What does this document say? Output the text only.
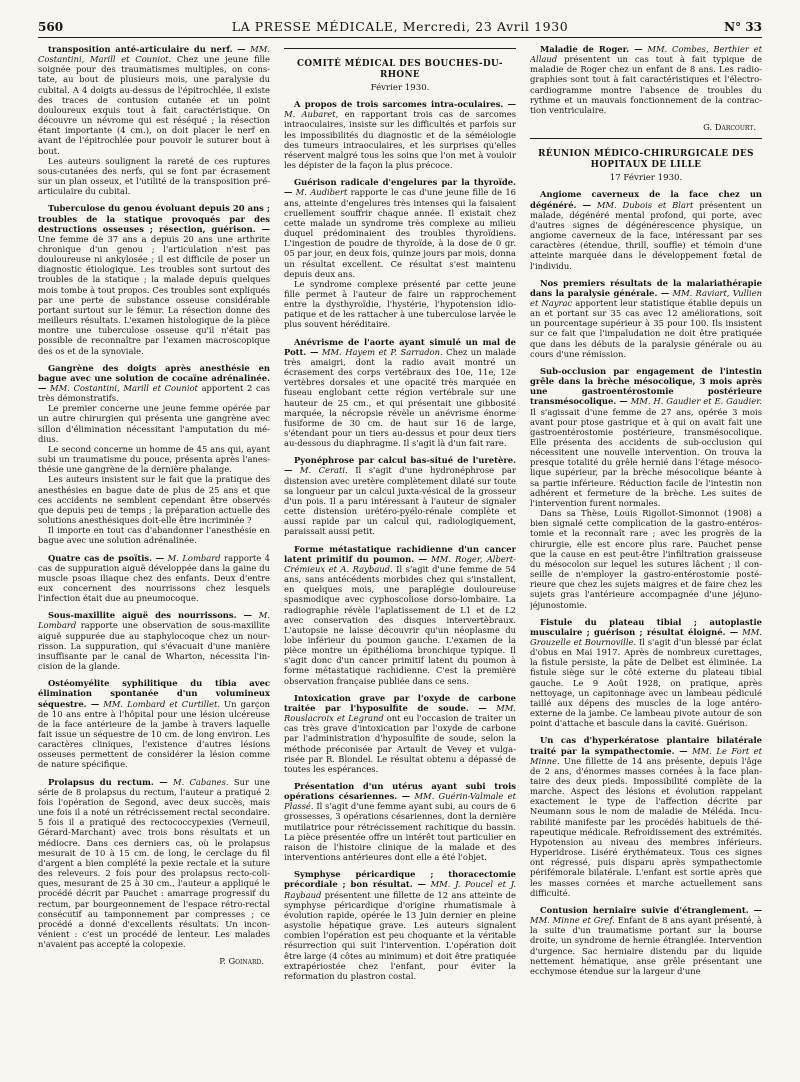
560	LA PRESSE MÉDICALE, Mercredi, 23 Avril 1930	N° 33

transposition anté-articulaire du nerf. — MM. Costantini, Marill et Couniot. Chez une jeune fille soignée pour des traumatismes multiples, on constate, au bout de plusieurs mois, une paralysie du cubital. A 4 doigts au-dessus de l'épitrochlée, il existe des traces de contusion cutanée et un point douloureux exquis tout à fait caractéristique. On découvre un névrome qui est réséqué ; la résection étant importante (4 cm.), on doit placer le nerf en avant de l'épitrochlée pour pouvoir le suturer bout à bout.

Les auteurs soulignent la rareté de ces ruptures sous-cutanées des nerfs, qui se font par écrasement sur un plan osseux, et l'utilité de la transposition pré-articulaire du cubital.

Tuberculose du genou évoluant depuis 20 ans ; troubles de la statique provoqués par des destructions osseuses ; résection, guérison. — Une femme de 37 ans a depuis 20 ans une arthrite chronique d'un genou ; l'articulation n'est pas douloureuse ni ankylosée ; il est difficile de poser un diagnostic étiologique. Les troubles sont surtout des troubles de la statique ; la malade depuis quelques mois tombe à tout propos. Ces troubles sont expliqués par une perte de substance osseuse considérable portant surtout sur le fémur. La résection donne des meilleurs résultats. L'examen histologique de la pièce montre une tuberculose osseuse qu'il n'était pas possible de reconnaître par l'examen macroscopique des os et de la synoviale.

Gangrène des doigts après anesthésie en bague avec une solution de cocaïne adrénalinée. — MM. Costantini, Marill et Couniot apportent 2 cas très démonstratifs.

Le premier concerne une jeune femme opérée par un autre chirurgien qui présenta une gangrène avec sillon d'élimination nécessitant l'amputation du médius.

Le second concerne un homme de 45 ans qui, ayant subi un traumatisme du pouce, présenta après l'anesthésie une gangrène de la dernière phalange.

Les auteurs insistent sur le fait que la pratique des anesthésies en bague date de plus de 25 ans et que ces accidents ne semblent cependant être observés que depuis peu de temps ; la préparation actuelle des solutions anesthésiques doit-elle être incriminée ?

Il importe en tout cas d'abandonner l'anesthésie en bague avec une solution adrénalinée.

Quatre cas de psoïtis. — M. Lombard rapporte 4 cas de suppuration aiguë développée dans la gaine du muscle psoas iliaque chez des enfants. Deux d'entre eux concernent des nourrissons chez lesquels l'infection était due au pneumocoque.

Sous-maxillite aiguë des nourrissons. — M. Lombard rapporte une observation de sous-maxillite aiguë suppurée due au staphylocoque chez un nourrisson. La suppuration, qui s'évacuait d'une manière insuffisante par le canal de Wharton, nécessita l'incision de la glande.

Ostéomyélite syphilitique du tibia avec élimination spontanée d'un volumineux séquestre. — MM. Lombard et Curtillet. Un garçon de 10 ans entre à l'hôpital pour une lésion ulcéreuse de la face antérieure de la jambe à travers laquelle fait issue un séquestre de 10 cm. de long environ. Les caractères cliniques, l'existence d'autres lésions osseuses permettent de considérer la lésion comme de nature spécifique.

Prolapsus du rectum. — M. Cabanes. Sur une série de 8 prolapsus du rectum, l'auteur a pratiqué 2 fois l'opération de Segond, avec deux succès, mais une fois il a noté un rétrécissement rectal secondaire. 5 fois il a pratiqué des rectococcypexies (Verneuil, Gérard-Marchant) avec trois bons résultats et un médiocre. Dans ces derniers cas, où le prolapsus mesurait de 10 à 15 cm. de long, le cerclage du fil d'argent a bien complété la pexie rectale et la suture des releveurs. 2 fois pour des prolapsus recto-coliques, mesurant de 25 à 30 cm., l'auteur a appliqué le procédé décrit par Pauchet : amarrage progressif du rectum, par bourgeonnement de l'espace rétro-rectal consécutif au tamponnement par compresses ; ce procédé a donné d'excellents résultats. Un inconvénient : c'est un procédé de lenteur. Les malades n'avaient pas accepté la colopexie.

P. Goinard.
COMITÉ MÉDICAL DES BOUCHES-DU-RHONE
Février 1930.

A propos de trois sarcomes intra-oculaires. — M. Aubaret, en rapportant trois cas de sarcomes intraoculaires, insiste sur les difficultés et parfois sur les impossibilités du diagnostic et de la séméiologie des tumeurs intraoculaires, et les surprises qu'elles réservent malgré tous les soins que l'on met à vouloir les dépister de la façon la plus précoce.

Guérison radicale d'engelures par la thyroïde. — M. Audibert rapporte le cas d'une jeune fille de 16 ans, atteinte d'engelures très intenses qui la faisaient cruellement souffrir chaque année. Il existait chez cette malade un syndrome très complexe au milieu duquel prédominaient des troubles thyroïdiens. L'ingestion de poudre de thyroïde, à la dose de 0 gr. 05 par jour, en deux fois, quinze jours par mois, donna un résultat excellent. Ce résultat s'est maintenu depuis deux ans.

Le syndrome complexe présenté par cette jeune fille permet à l'auteur de faire un rapprochement entre la dysthyroïdie, l'hystérie, l'hypotension idiopatique et de les rattacher à une tuberculose larvée le plus souvent héréditaire.

Anévrisme de l'aorte ayant simulé un mal de Pott. — MM. Hayem et P. Sarradon. Chez un malade très amaigri, dont la radio avait montré un écrasement des corps vertébraux des 10e, 11e, 12e vertèbres dorsales et une opacité très marquée en fuseau englobant cette région vertébrale sur une hauteur de 25 cm., et qui présentait une gibbosité marquée, la nécropsie révèle un anévrisme énorme fusiforme de 30 cm. de haut sur 16 de large, s'étendant pour un tiers au-dessus et pour deux tiers au-dessous du diaphragme. Il s'agit là d'un fait rare.

Pyonéphrose par calcul bas-situé de l'uretère. — M. Cerati. Il s'agit d'une hydronéphrose par distension avec uretère complètement dilaté sur toute sa longueur par un calcul juxta-vésical de la grosseur d'un pois. Il a paru intéressant à l'auteur de signaler cette distension urétéro-pyélo-rénale complète et aussi rapide par un calcul qui, radiologiquement, paraissait aussi petit.

Forme métastatique rachidienne d'un cancer latent primitif du poumon. — MM. Roger, Albert-Crémieux et A. Raybaud. Il s'agit d'une femme de 54 ans, sans antécédents morbides chez qui s'installent, en quelques mois, une paraplégie douloureuse spasmodique avec cyphoscoliose dorso-lombaire. La radiographie révèle l'aplatissement de L1 et de L2 avec conservation des disques intervertèbraux. L'autopsie ne laisse découvrir qu'un néoplasme du lobe inférieur du poumon gauche. L'examen de la pièce montre un épithélioma bronchique typique. Il s'agit donc d'un cancer primitif latent du poumon à forme métastatique rachidienne. C'est la première observation française publiée dans ce sens.

Intoxication grave par l'oxyde de carbone traitée par l'hyposulfite de soude. — MM. Rouslacroix et Legrand ont eu l'occasion de traiter un cas très grave d'intoxication par l'oxyde de carbone par l'administration d'hyposulfite de soude, selon la méthode préconisée par Artault de Vevey et vulgarisée par R. Blondel. Le résultat obtenu a dépassé de toutes les espérances.

Présentation d'un utérus ayant subi trois opérations césariennes. — MM. Guérin-Valmale et Plassé. Il s'agit d'une femme ayant subi, au cours de 6 grossesses, 3 opérations césariennes, dont la dernière mutilatrice pour rétrécissement rachitique du bassin. La pièce présentée offre un intérêt tout particulier en raison de l'histoire clinique de la malade et des interventions antérieures dont elle a été l'objet.

Symphyse péricardique ; thoracectomie précordiale ; bon résultat. — MM. J. Poucel et J. Raybaud présentent une fillette de 12 ans atteinte de symphyse péricardique d'origine rhumatismale à évolution rapide, opérée le 13 Juin dernier en pleine asystolie hépatique grave. Les auteurs signalent combien l'opération est peu choquante et la véritable résurrection qui suit l'intervention. L'opération doit être large (4 côtes au minimum) et doit être pratiquée extrapériostée chez l'enfant, pour éviter la reformation du plastron costal.

Maladie de Roger. — MM. Combes, Berthier et Allaud présentent un cas tout à fait typique de maladie de Roger chez un enfant de 8 ans. Les radiographies sont tout à fait caractéristiques et l'électrocardiogramme montre l'absence de troubles du rythme et un mauvais fonctionnement de la contraction ventriculaire.

G. Darcourt.
RÉUNION MÉDICO-CHIRURGICALE DES HOPITAUX DE LILLE
17 Février 1930.

Angiome caverneux de la face chez un dégénéré. — MM. Dubois et Blart présentent un malade, dégénéré mental profond, qui porte, avec d'autres signes de dégénérescence physique, un angiome caverneux de la face, intéressant par ses caractères (étendue, thrill, souffle) et témoin d'une atteinte marquée dans le développement fœtal de l'individu.

Nos premiers résultats de la malariathérapie dans la paralysie générale. — MM. Raviart, Vullien et Nayrac apportent leur statistique établie depuis un an et portant sur 35 cas avec 12 améliorations, soit un pourcentage supérieur à 35 pour 100. Ils insistent sur ce fait que l'impaludation ne doit être pratiquée que dans les débuts de la paralysie générale ou au cours d'une rémission.

Sub-occlusion par engagement de l'intestin grêle dans la brèche mésocolique, 3 mois après une gastroentérostomie postérieure transmésocolique. — MM. H. Gaudier et E. Gaudier. Il s'agissait d'une femme de 27 ans, opérée 3 mois avant pour ptose gastrique et à qui on avait fait une gastroentérostomie postérieure, transmésocolique. Elle présenta des accidents de sub-occlusion qui nécessitent une nouvelle intervention. On trouva la presque totalité du grêle hernié dans l'étage mésocolique supérieur, par la brèche mésocolique béante à sa partie inférieure. Réduction facile de l'intestin non adhérent et fermeture de la brèche. Les suites de l'intervention furent normales.

Dans sa Thèse, Louis Rigollot-Simonnot (1908) a bien signalé cette complication de la gastro-entérostomie et la reconnaît rare ; avec les progrès de la chirurgie, elle est encore plus rare. Pauchet pense que la cause en est peut-être l'infiltration graisseuse du mésocolon sur lequel les sutures lâchent ; il conseille de n'employer la gastro-entérostomie postérieure que chez les sujets maigres et de faire chez les sujets gras l'antérieure accompagnée d'une jéjuno-jéjunostomie.

Fistule du plateau tibial ; autoplastie musculaire ; guérison ; résultat éloigné. — MM. Grouzelle et Bournoville. Il s'agit d'un blessé par éclat d'obus en Mai 1917. Après de nombreux curettages, la fistule persiste, la pâte de Delbet est éliminée. La fistule siège sur le côté externe du plateau tibial gauche. Le 9 Août 1928, on pratique, après nettoyage, un capitonnage avec un lambeau pédiculé taillé aux dépens des muscles de la loge antéro-externe de la jambe. Ce lambeau pivote autour de son point d'attache et bascule dans la cavité. Guérison.

Un cas d'hyperkératose plantaire bilatérale traité par la sympathectomie. — MM. Le Fort et Minne. Une fillette de 14 ans présente, depuis l'âge de 2 ans, d'énormes masses cornées à la face plantaire des deux pieds. Impossibilité complète de la marche. Aspect des lésions et évolution rappelant exactement le type de l'affection décrite par Neumann sous le nom de maladie de Méléda. Incurabilité manifeste par les procédés habituels de thérapeutique médicale. Refroidissement des extrémités. Hypotension au niveau des membres inférieurs. Hyperidrose. Liséré érythémateux. Tous ces signes ont régressé, puis disparu après sympathectomie périfémorale bilatérale. L'enfant est sortie après que les masses cornées et marche actuellement sans difficulté.

Contusion herniaire suivie d'étranglement. — MM. Minne et Gref. Enfant de 8 ans ayant présenté, à la suite d'un traumatisme portant sur la bourse droite, un syndrome de hernie étranglée. Intervention d'urgence. Sac herniaire distendu par du liquide nettement hématique, anse grêle présentant une ecchymose étendue sur la largeur d'une
